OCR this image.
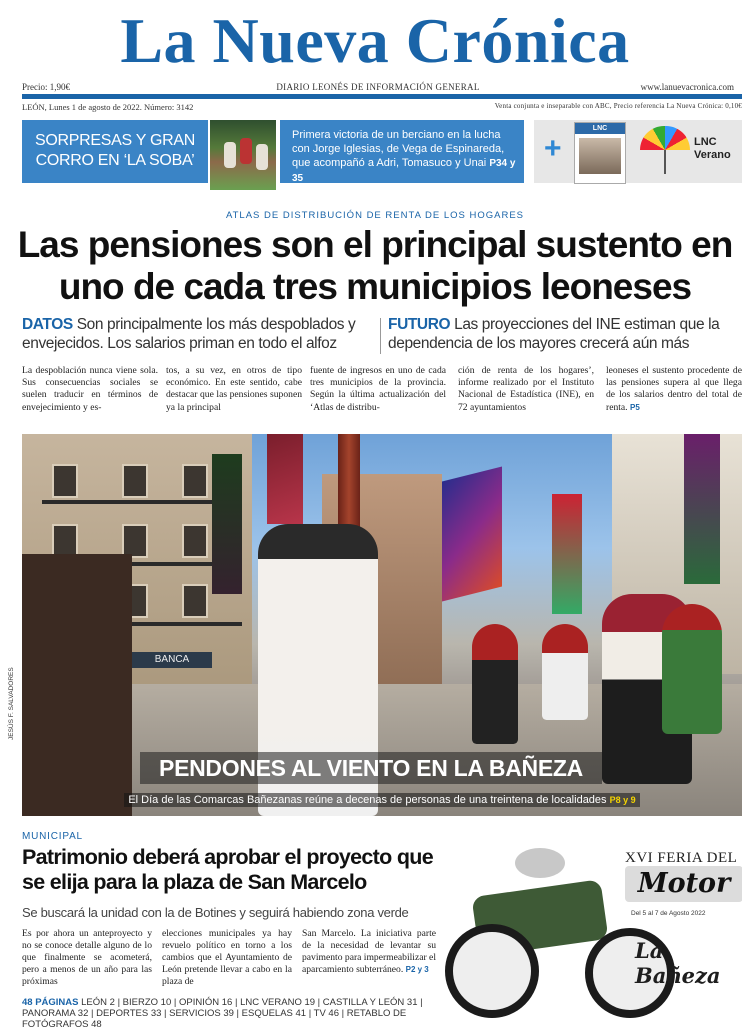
La Nueva Crónica
Precio: 1,90€	DIARIO LEONÉS DE INFORMACIÓN GENERAL	www.lanuevacronica.com
LEÓN, Lunes 1 de agosto de 2022. Número: 3142	Venta conjunta e inseparable con ABC, Precio referencia La Nueva Crónica: 0,10€
SORPRESAS Y GRAN CORRO EN ‘LA SOBA’
Primera victoria de un berciano en la lucha con Jorge Iglesias, de Vega de Espinareda, que acompañó a Adri, Tomasuco y Unai P34 y 35
+
LNC
LNC Verano
ATLAS DE DISTRIBUCIÓN DE RENTA DE LOS HOGARES
Las pensiones son el principal sustento en uno de cada tres municipios leoneses
DATOS Son principalmente los más despoblados y envejecidos. Los salarios priman en todo el alfoz
FUTURO Las proyecciones del INE estiman que la dependencia de los mayores crecerá aún más
La despoblación nunca viene sola. Sus consecuencias sociales se suelen traducir en términos de envejecimiento y es-
tos, a su vez, en otros de tipo económico. En este sentido, cabe destacar que las pensiones suponen ya la principal
fuente de ingresos en uno de cada tres municipios de la provincia. Según la última actualización del ‘Atlas de distribu-
ción de renta de los hogares’, informe realizado por el Instituto Nacional de Estadística (INE), en 72 ayuntamientos
leoneses el sustento procedente de las pensiones supera al que llega de los salarios dentro del total de renta. P5
BANCA
PENDONES AL VIENTO EN LA BAÑEZA
El Día de las Comarcas Bañezanas reúne a decenas de personas de una treintena de localidades P8 y 9
JESÚS F. SALVADORES
MUNICIPAL
Patrimonio deberá aprobar el proyecto que se elija para la plaza de San Marcelo
Se buscará la unidad con la de Botines y seguirá habiendo zona verde
Es por ahora un anteproyecto y no se conoce detalle alguno de lo que finalmente se acometerá, pero a menos de un año para las próximas
elecciones municipales ya hay revuelo político en torno a los cambios que el Ayuntamiento de León pretende llevar a cabo en la plaza de
San Marcelo. La iniciativa parte de la necesidad de levantar su pavimento para impermeabilizar el aparcamiento subterráneo. P2 y 3
48 PÁGINAS LEÓN 2 | BIERZO 10 | OPINIÓN 16 | LNC VERANO 19 | CASTILLA Y LEÓN 31 | PANORAMA 32 | DEPORTES 33 | SERVICIOS 39 | ESQUELAS 41 | TV 46 | RETABLO DE FOTÓGRAFOS 48
XVI FERIA DEL
Motor
Del 5 al 7 de Agosto 2022
La Bañeza
